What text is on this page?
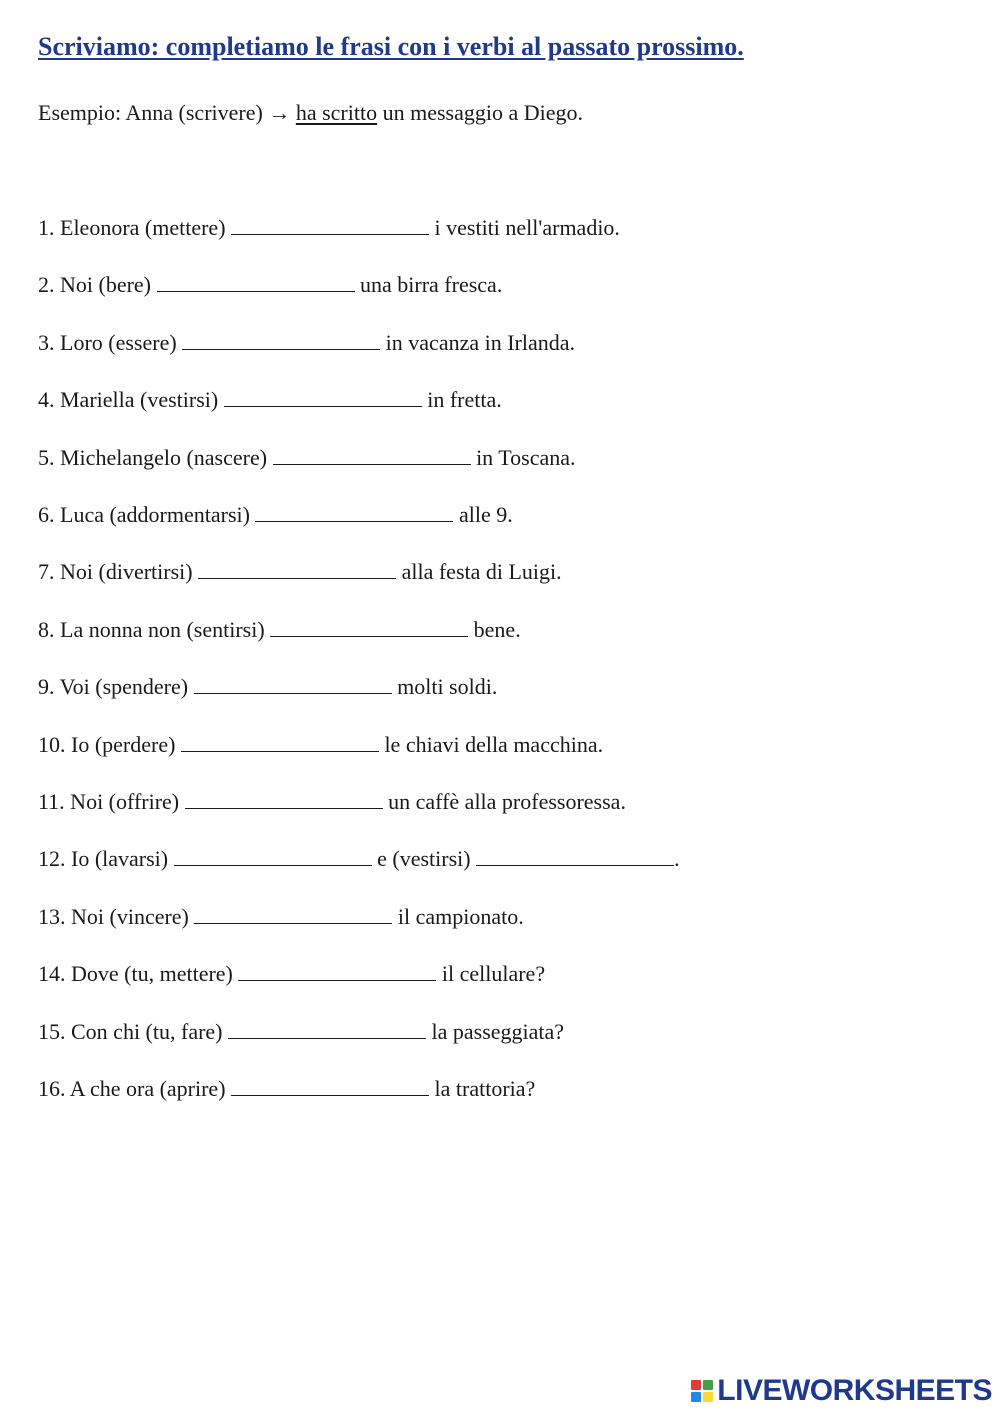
Scriviamo: completiamo le frasi con i verbi al passato prossimo.
Esempio: Anna (scrivere) → ha scritto un messaggio a Diego.
1. Eleonora (mettere)	i vestiti nell'armadio.
2. Noi (bere)	una birra fresca.
3. Loro (essere)	in vacanza in Irlanda.
4. Mariella (vestirsi)	in fretta.
5. Michelangelo (nascere)	in Toscana.
6. Luca (addormentarsi)	alle 9.
7. Noi (divertirsi)	alla festa di Luigi.
8. La nonna non (sentirsi)	bene.
9. Voi (spendere)	molti soldi.
10. Io (perdere)	le chiavi della macchina.
11. Noi (offrire)	un caffè alla professoressa.
12. Io (lavarsi)	e (vestirsi)	.
13. Noi (vincere)	il campionato.
14. Dove (tu, mettere)	il cellulare?
15. Con chi (tu, fare)	la passeggiata?
16. A che ora (aprire)	la trattoria?
LIVEWORKSHEETS
